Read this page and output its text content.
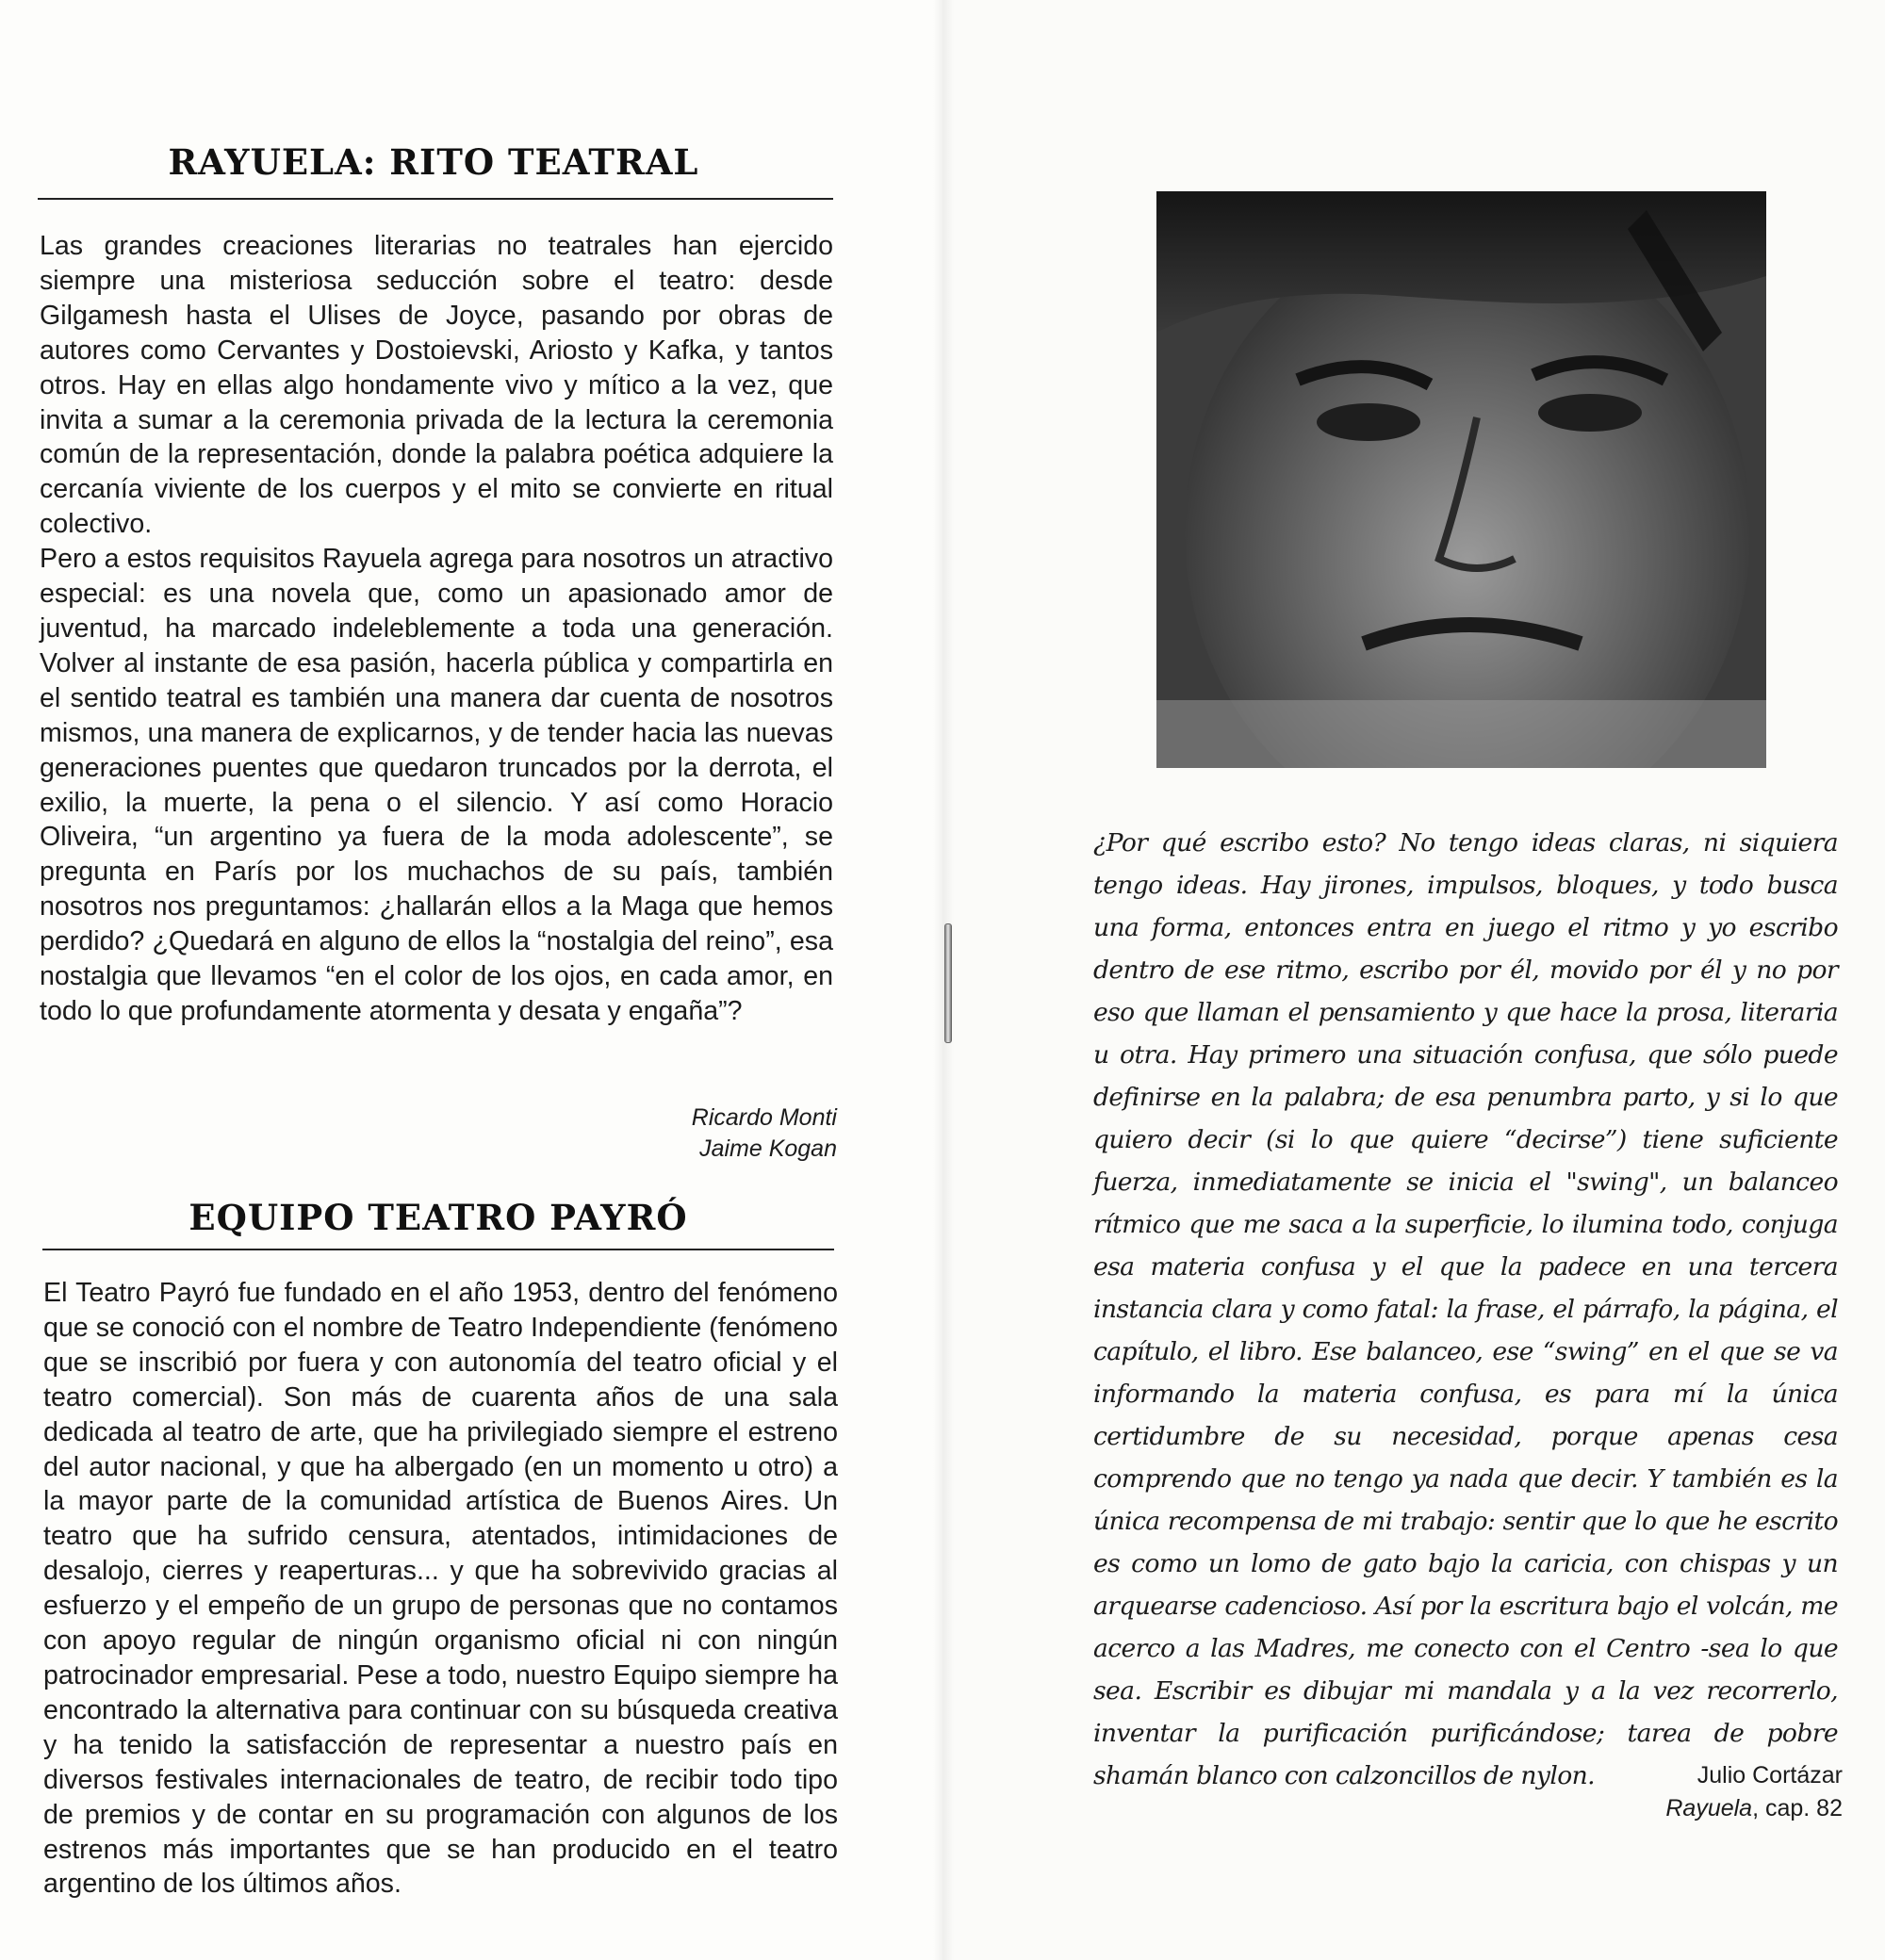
RAYUELA: RITO TEATRAL

Las grandes creaciones literarias no teatrales han ejercido siempre una misteriosa seducción sobre el teatro: desde Gilgamesh hasta el Ulises de Joyce, pasando por obras de autores como Cervantes y Dostoievski, Ariosto y Kafka, y tantos otros. Hay en ellas algo hondamente vivo y mítico a la vez, que invita a sumar a la ceremonia privada de la lectura la ceremonia común de la representación, donde la palabra poética adquiere la cercanía viviente de los cuerpos y el mito se convierte en ritual colectivo.

Pero a estos requisitos Rayuela agrega para nosotros un atractivo especial: es una novela que, como un apasionado amor de juventud, ha marcado indeleblemente a toda una generación. Volver al instante de esa pasión, hacerla pública y compartirla en el sentido teatral es también una manera dar cuenta de nosotros mismos, una manera de explicarnos, y de tender hacia las nuevas generaciones puentes que quedaron truncados por la derrota, el exilio, la muerte, la pena o el silencio. Y así como Horacio Oliveira, “un argentino ya fuera de la moda adolescente”, se pregunta en París por los muchachos de su país, también nosotros nos preguntamos: ¿hallarán ellos a la Maga que hemos perdido? ¿Quedará en alguno de ellos la “nostalgia del reino”, esa nostalgia que llevamos “en el color de los ojos, en cada amor, en todo lo que profundamente atormenta y desata y engaña”?

Ricardo Monti
Jaime Kogan
EQUIPO TEATRO PAYRÓ

El Teatro Payró fue fundado en el año 1953, dentro del fenómeno que se conoció con el nombre de Teatro Independiente (fenómeno que se inscribió por fuera y con autonomía del teatro oficial y el teatro comercial). Son más de cuarenta años de una sala dedicada al teatro de arte, que ha privilegiado siempre el estreno del autor nacional, y que ha albergado (en un momento u otro) a la mayor parte de la comunidad artística de Buenos Aires. Un teatro que ha sufrido censura, atentados, intimidaciones de desalojo, cierres y reaperturas... y que ha sobrevivido gracias al esfuerzo y el empeño de un grupo de personas que no contamos con apoyo regular de ningún organismo oficial ni con ningún patrocinador empresarial. Pese a todo, nuestro Equipo siempre ha encontrado la alternativa para continuar con su búsqueda creativa y ha tenido la satisfacción de representar a nuestro país en diversos festivales internacionales de teatro, de recibir todo tipo de premios y de contar en su programación con algunos de los estrenos más importantes que se han producido en el teatro argentino de los últimos años.

¿Por qué escribo esto? No tengo ideas claras, ni siquiera tengo ideas. Hay jirones, impulsos, bloques, y todo busca una forma, entonces entra en juego el ritmo y yo escribo dentro de ese ritmo, escribo por él, movido por él y no por eso que llaman el pensamiento y que hace la prosa, literaria u otra. Hay primero una situación confusa, que sólo puede definirse en la palabra; de esa penumbra parto, y si lo que quiero decir (si lo que quiere “decirse”) tiene suficiente fuerza, inmediatamente se inicia el "swing", un balanceo rítmico que me saca a la superficie, lo ilumina todo, conjuga esa materia confusa y el que la padece en una tercera instancia clara y como fatal: la frase, el párrafo, la página, el capítulo, el libro. Ese balanceo, ese “swing” en el que se va informando la materia confusa, es para mí la única certidumbre de su necesidad, porque apenas cesa comprendo que no tengo ya nada que decir. Y también es la única recompensa de mi trabajo: sentir que lo que he escrito es como un lomo de gato bajo la caricia, con chispas y un arquearse cadencioso. Así por la escritura bajo el volcán, me acerco a las Madres, me conecto con el Centro -sea lo que sea. Escribir es dibujar mi mandala y a la vez recorrerlo, inventar la purificación purificándose; tarea de pobre shamán blanco con calzoncillos de nylon.	Julio Cortázar
Rayuela, cap. 82
